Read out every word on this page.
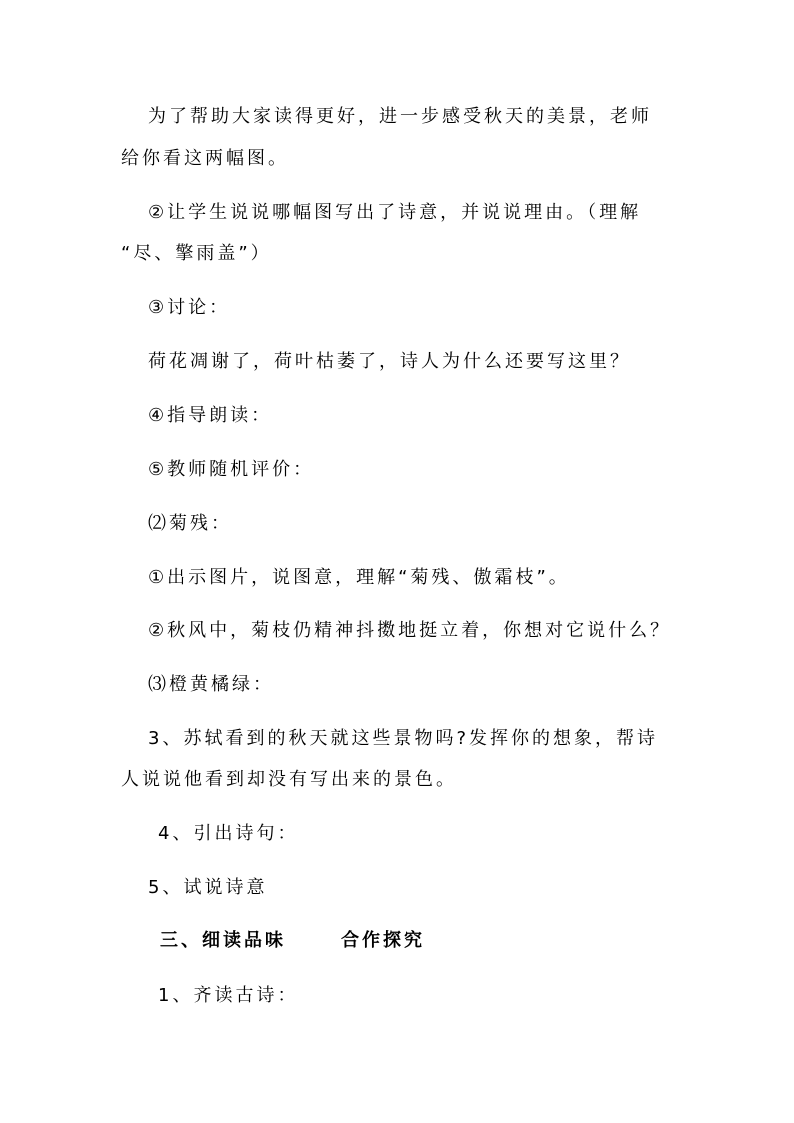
为了帮助大家读得更好，进一步感受秋天的美景，老师
给你看这两幅图。
②让学生说说哪幅图写出了诗意，并说说理由。（理解
“尽、擎雨盖”）
③讨论：
荷花凋谢了，荷叶枯萎了，诗人为什么还要写这里？
④指导朗读：
⑤教师随机评价：
⑵菊残：
①出示图片，说图意，理解“菊残、傲霜枝”。
②秋风中，菊枝仍精神抖擞地挺立着，你想对它说什么？
⑶橙黄橘绿：
3、苏轼看到的秋天就这些景物吗?发挥你的想象，帮诗
人说说他看到却没有写出来的景色。
4、引出诗句：
5、试说诗意
三、细读品味	合作探究
1、齐读古诗：
